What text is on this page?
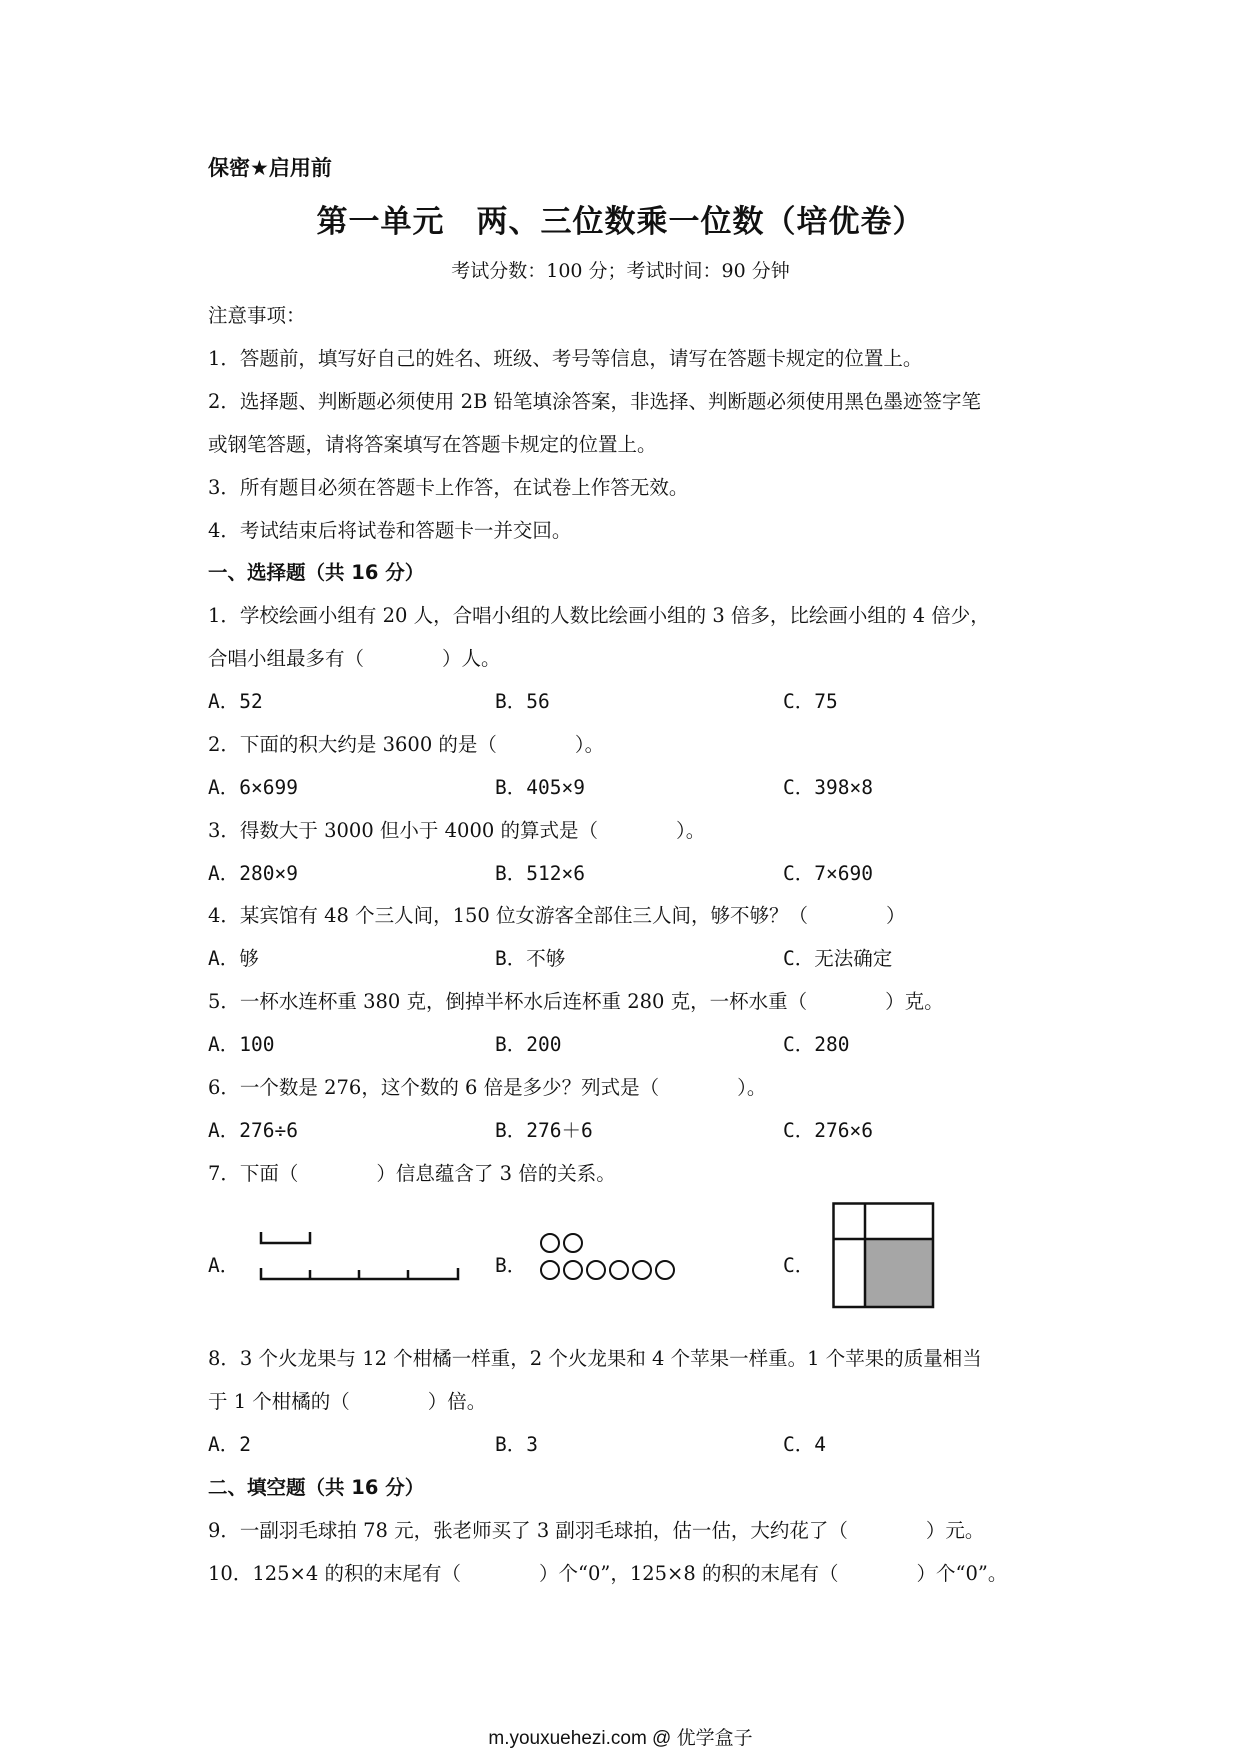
保密★启用前
第一单元　两、三位数乘一位数（培优卷）
考试分数：100 分；考试时间：90 分钟
注意事项：
1．答题前，填写好自己的姓名、班级、考号等信息，请写在答题卡规定的位置上。
2．选择题、判断题必须使用 2B 铅笔填涂答案，非选择、判断题必须使用黑色墨迹签字笔
或钢笔答题，请将答案填写在答题卡规定的位置上。
3．所有题目必须在答题卡上作答，在试卷上作答无效。
4．考试结束后将试卷和答题卡一并交回。
一、选择题（共 16 分）
1．学校绘画小组有 20 人，合唱小组的人数比绘画小组的 3 倍多，比绘画小组的 4 倍少，
合唱小组最多有（　　　　）人。
A．52	B．56	C．75
2．下面的积大约是 3600 的是（　　　　）。
A．6×699	B．405×9	C．398×8
3．得数大于 3000 但小于 4000 的算式是（　　　　）。
A．280×9	B．512×6	C．7×690
4．某宾馆有 48 个三人间，150 位女游客全部住三人间，够不够？（　　　　）
A．够	B．不够	C．无法确定
5．一杯水连杯重 380 克，倒掉半杯水后连杯重 280 克，一杯水重（　　　　）克。
A．100	B．200	C．280
6．一个数是 276，这个数的 6 倍是多少？列式是（　　　　）。
A．276÷6	B．276＋6	C．276×6
7．下面（　　　　）信息蕴含了 3 倍的关系。
A．	B．	C．
8．3 个火龙果与 12 个柑橘一样重，2 个火龙果和 4 个苹果一样重。1 个苹果的质量相当
于 1 个柑橘的（　　　　）倍。
A．2	B．3	C．4
二、填空题（共 16 分）
9．一副羽毛球拍 78 元，张老师买了 3 副羽毛球拍，估一估，大约花了（　　　　）元。
10．125×4 的积的末尾有（　　　　）个“0”，125×8 的积的末尾有（　　　　）个“0”。
m.youxuehezi.com @ 优学盒子
